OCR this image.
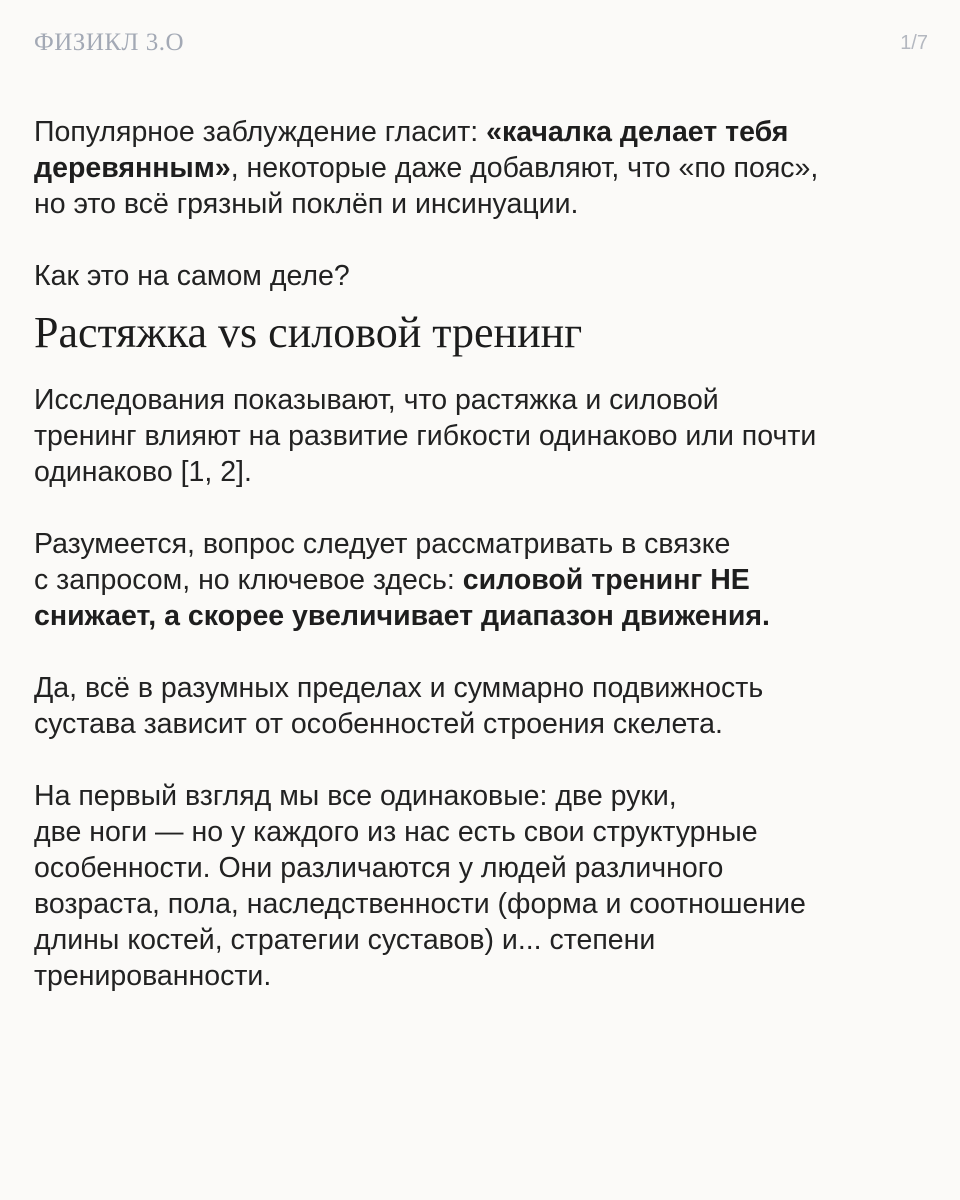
ФИЗИКЛ 3.О	1/7

Популярное заблуждение гласит: «качалка делает тебя
деревянным», некоторые даже добавляют, что «по пояс»,
но это всё грязный поклёп и инсинуации.

Как это на самом деле?

Растяжка vs силовой тренинг

Исследования показывают, что растяжка и силовой
тренинг влияют на развитие гибкости одинаково или почти
одинаково [1, 2].

Разумеется, вопрос следует рассматривать в связке
с запросом, но ключевое здесь: силовой тренинг НЕ
снижает, а скорее увеличивает диапазон движения.

Да, всё в разумных пределах и суммарно подвижность
сустава зависит от особенностей строения скелета.

На первый взгляд мы все одинаковые: две руки,
две ноги — но у каждого из нас есть свои структурные
особенности. Они различаются у людей различного
возраста, пола, наследственности (форма и соотношение
длины костей, стратегии суставов) и... степени
тренированности.
